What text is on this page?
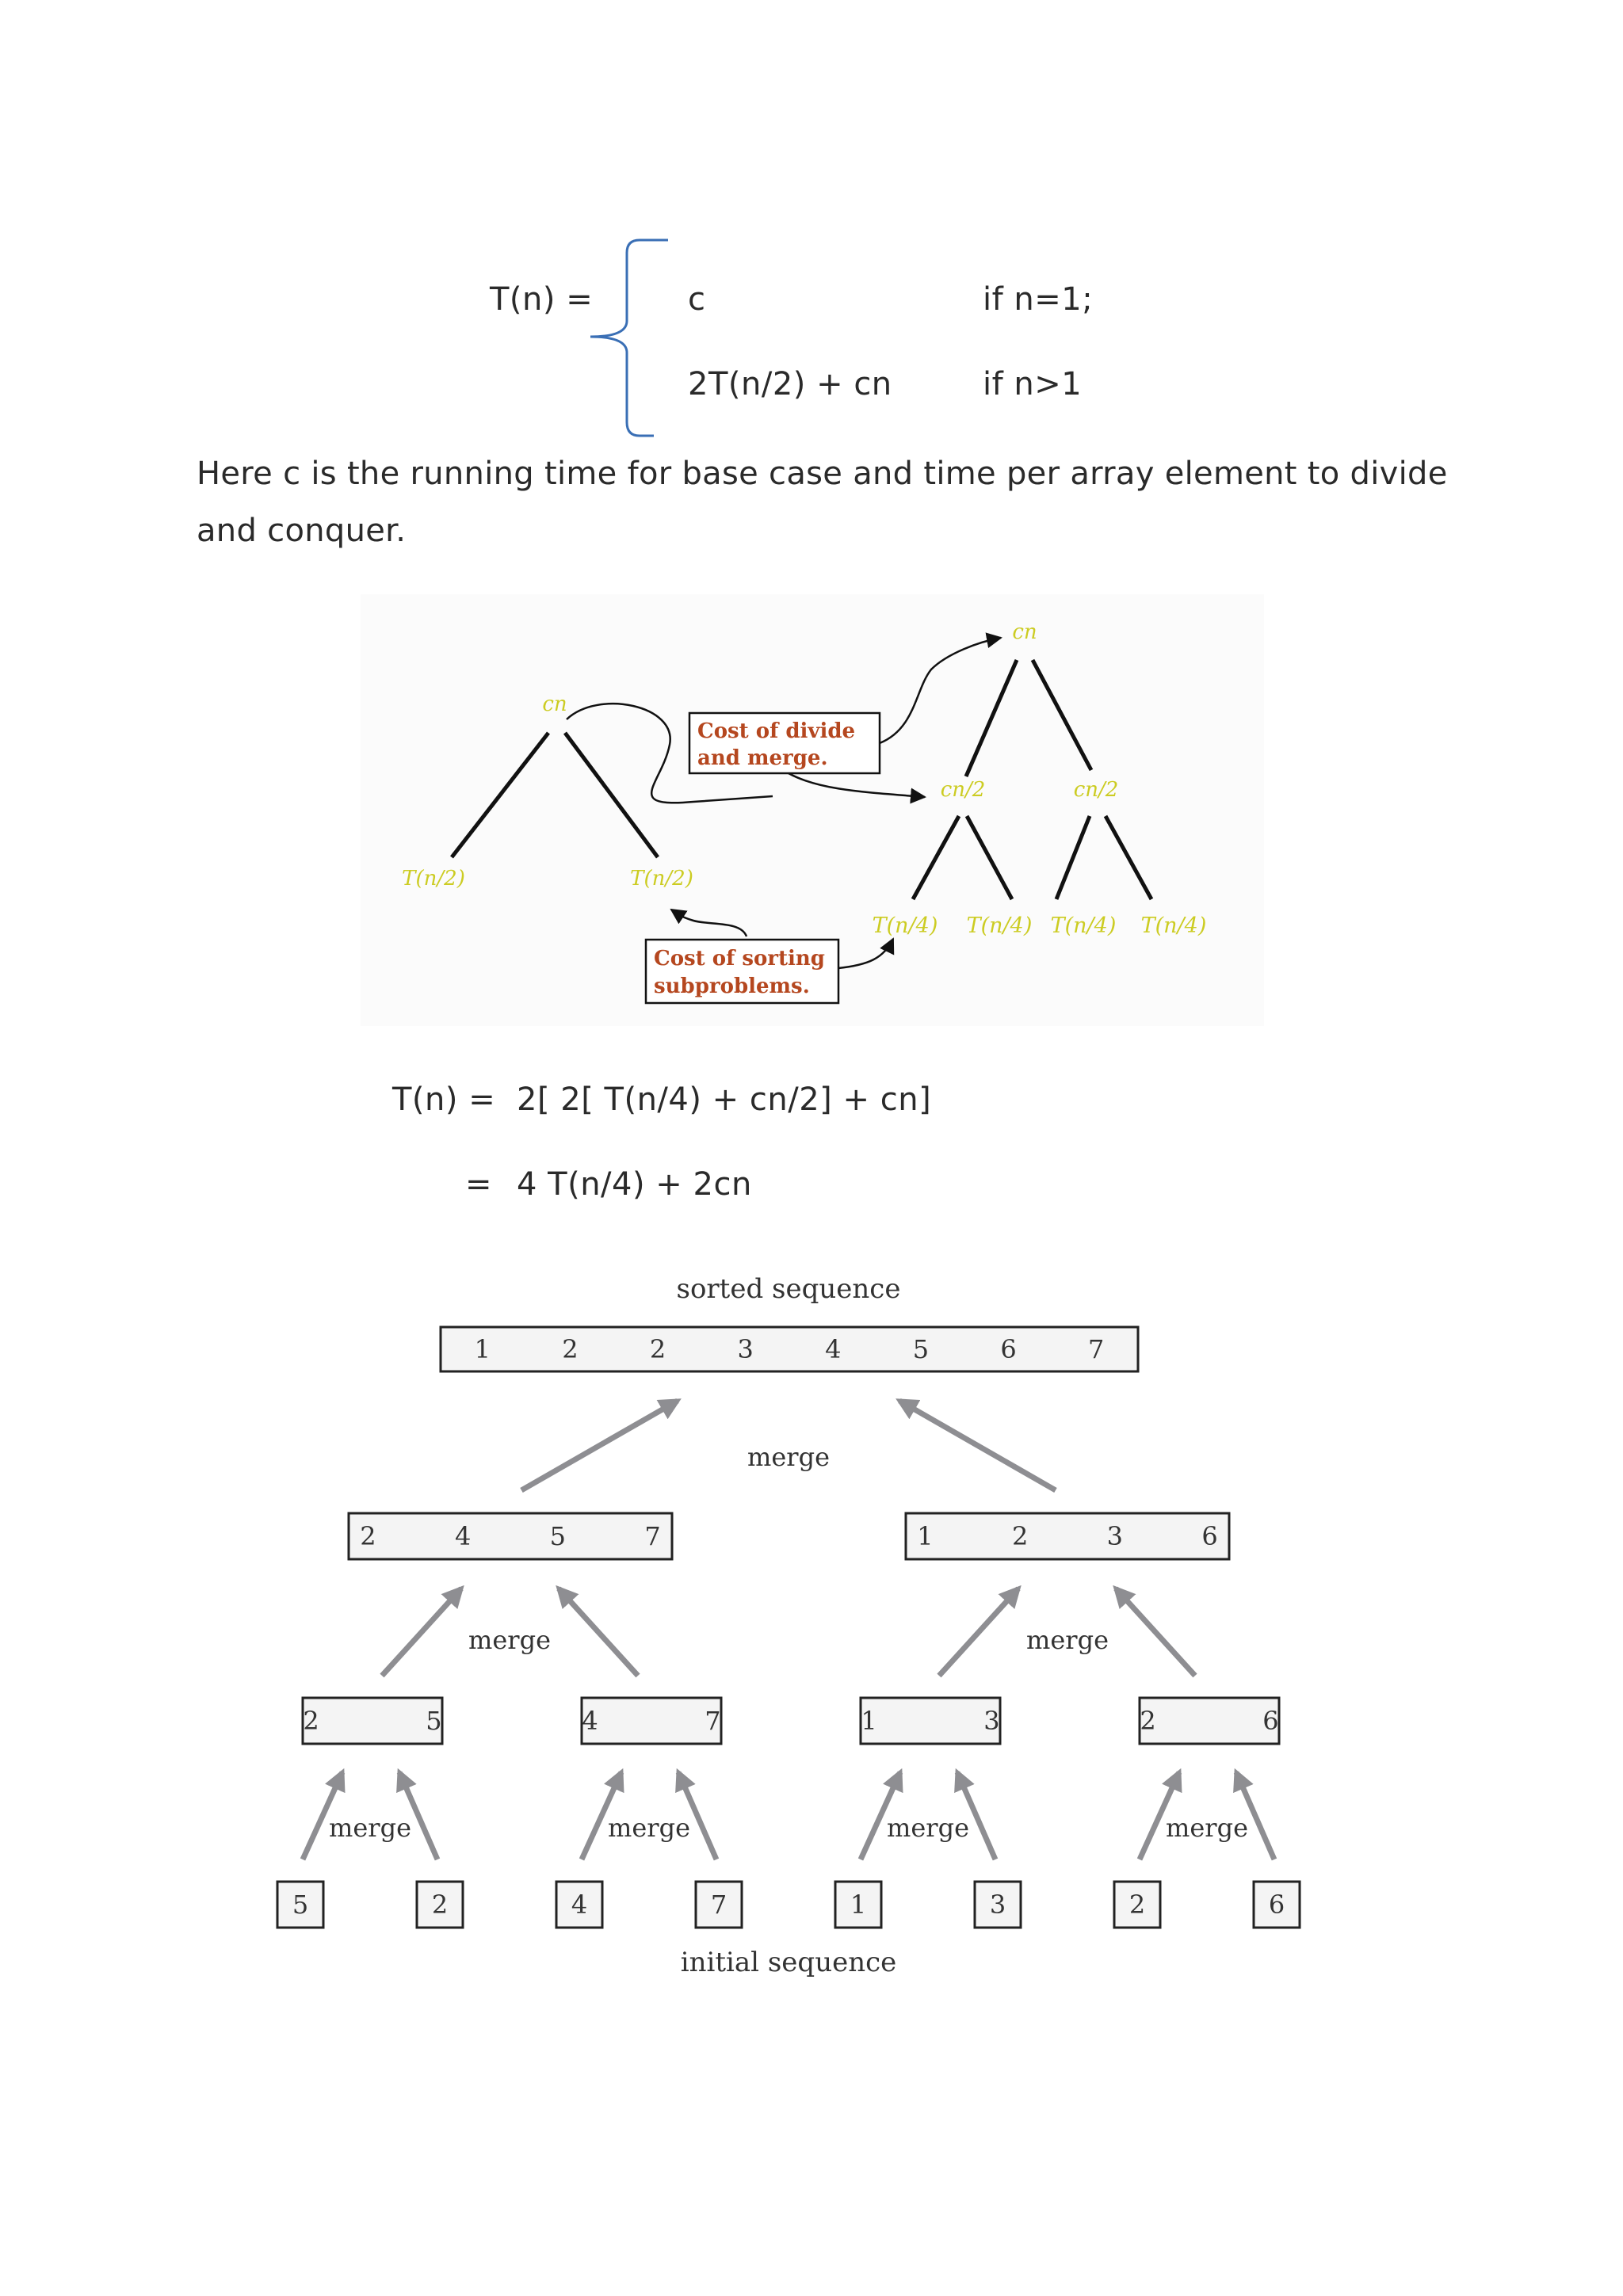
T(n) =	c	if n=1;
2T(n/2) + cn	if n>1
Here c is the running time for base case and time per array element to divide and conquer.
cn
T(n/2)	T(n/2)
cn
cn/2	cn/2
T(n/4) T(n/4) T(n/4) T(n/4)
Cost of divide
and merge.
Cost of sorting
subproblems.
T(n) = 2[ 2[ T(n/4) + cn/2] + cn]
= 4 T(n/4) + 2cn
1	2	2	3	4	5	6	7
2	4	5	7	1	2	3	6
merge
2	5	4	7	1	3	2	6
merge	merge
5	2	4	7	1	3	2	6
merge	merge	merge	merge
sorted sequence
initial sequence
